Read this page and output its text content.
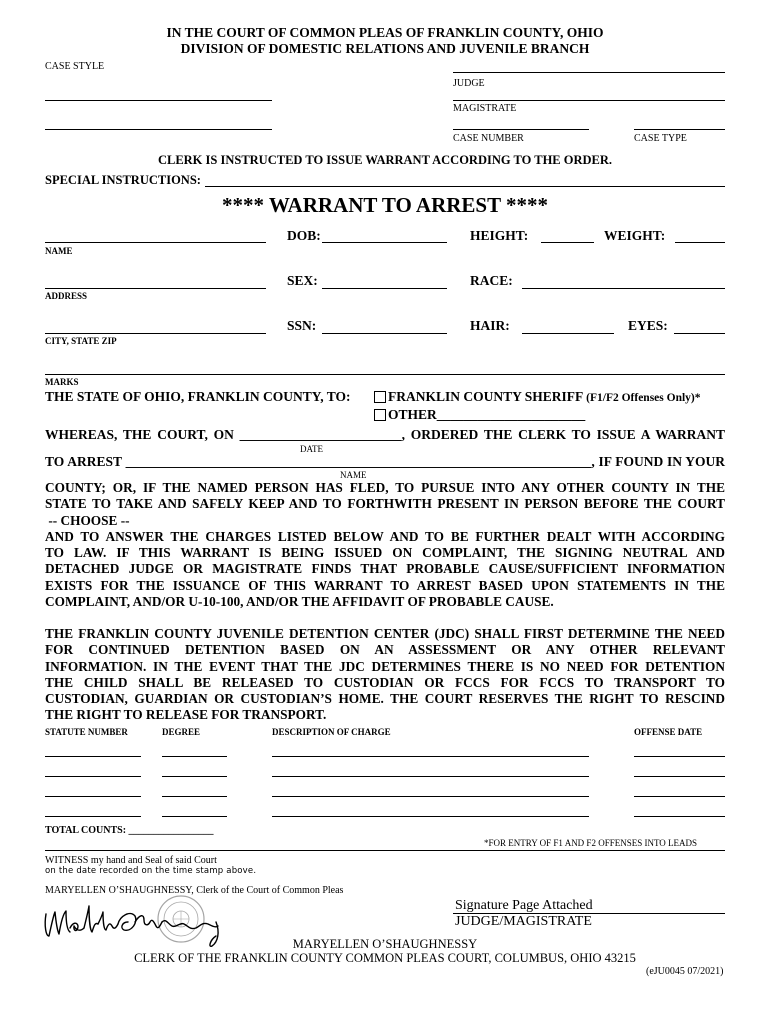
IN THE COURT OF COMMON PLEAS OF FRANKLIN COUNTY, OHIO
DIVISION OF DOMESTIC RELATIONS AND JUVENILE BRANCH
CASE STYLE
JUDGE
MAGISTRATE
CASE NUMBER	CASE TYPE
CLERK IS INSTRUCTED TO ISSUE WARRANT ACCORDING TO THE ORDER.
SPECIAL INSTRUCTIONS:
**** WARRANT TO ARREST ****
NAME
DOB:	HEIGHT:	WEIGHT:
ADDRESS
SEX:	RACE:
CITY, STATE ZIP
SSN:	HAIR:	EYES:
MARKS
THE STATE OF OHIO, FRANKLIN COUNTY, TO:	FRANKLIN COUNTY SHERIFF (F1/F2 Offenses Only)*
OTHER______________________
WHEREAS, THE COURT, ON ________________________, ORDERED THE CLERK TO ISSUE A WARRANT
DATE
TO ARREST _____________________________________________________________________, IF FOUND IN YOUR
NAME
COUNTY; OR, IF THE NAMED PERSON HAS FLED, TO PURSUE INTO ANY OTHER COUNTY IN THE
STATE TO TAKE AND SAFELY KEEP AND TO FORTHWITH PRESENT IN PERSON BEFORE THE COURT
-- CHOOSE --
AND TO ANSWER THE CHARGES LISTED BELOW AND TO BE FURTHER DEALT WITH ACCORDING
TO LAW. IF THIS WARRANT IS BEING ISSUED ON COMPLAINT, THE SIGNING NEUTRAL AND
DETACHED JUDGE OR MAGISTRATE FINDS THAT PROBABLE CAUSE/SUFFICIENT INFORMATION
EXISTS FOR THE ISSUANCE OF THIS WARRANT TO ARREST BASED UPON STATEMENTS IN THE
COMPLAINT, AND/OR U-10-100, AND/OR THE AFFIDAVIT OF PROBABLE CAUSE.
THE FRANKLIN COUNTY JUVENILE DETENTION CENTER (JDC) SHALL FIRST DETERMINE THE NEED
FOR CONTINUED DETENTION BASED ON AN ASSESSMENT OR ANY OTHER RELEVANT
INFORMATION. IN THE EVENT THAT THE JDC DETERMINES THERE IS NO NEED FOR DETENTION
THE CHILD SHALL BE RELEASED TO CUSTODIAN OR FCCS FOR FCCS TO TRANSPORT TO
CUSTODIAN, GUARDIAN OR CUSTODIAN’S HOME. THE COURT RESERVES THE RIGHT TO RESCIND
THE RIGHT TO RELEASE FOR TRANSPORT.
STATUTE NUMBER	DEGREE	DESCRIPTION OF CHARGE	OFFENSE DATE
TOTAL COUNTS: _________________
*FOR ENTRY OF F1 AND F2 OFFENSES INTO LEADS
WITNESS my hand and Seal of said Court
on the date recorded on the time stamp above.
MARYELLEN O’SHAUGHNESSY, Clerk of the Court of Common Pleas
Signature Page Attached
JUDGE/MAGISTRATE
MARYELLEN O’SHAUGHNESSY
CLERK OF THE FRANKLIN COUNTY COMMON PLEAS COURT, COLUMBUS, OHIO 43215
(eJU0045 07/2021)
